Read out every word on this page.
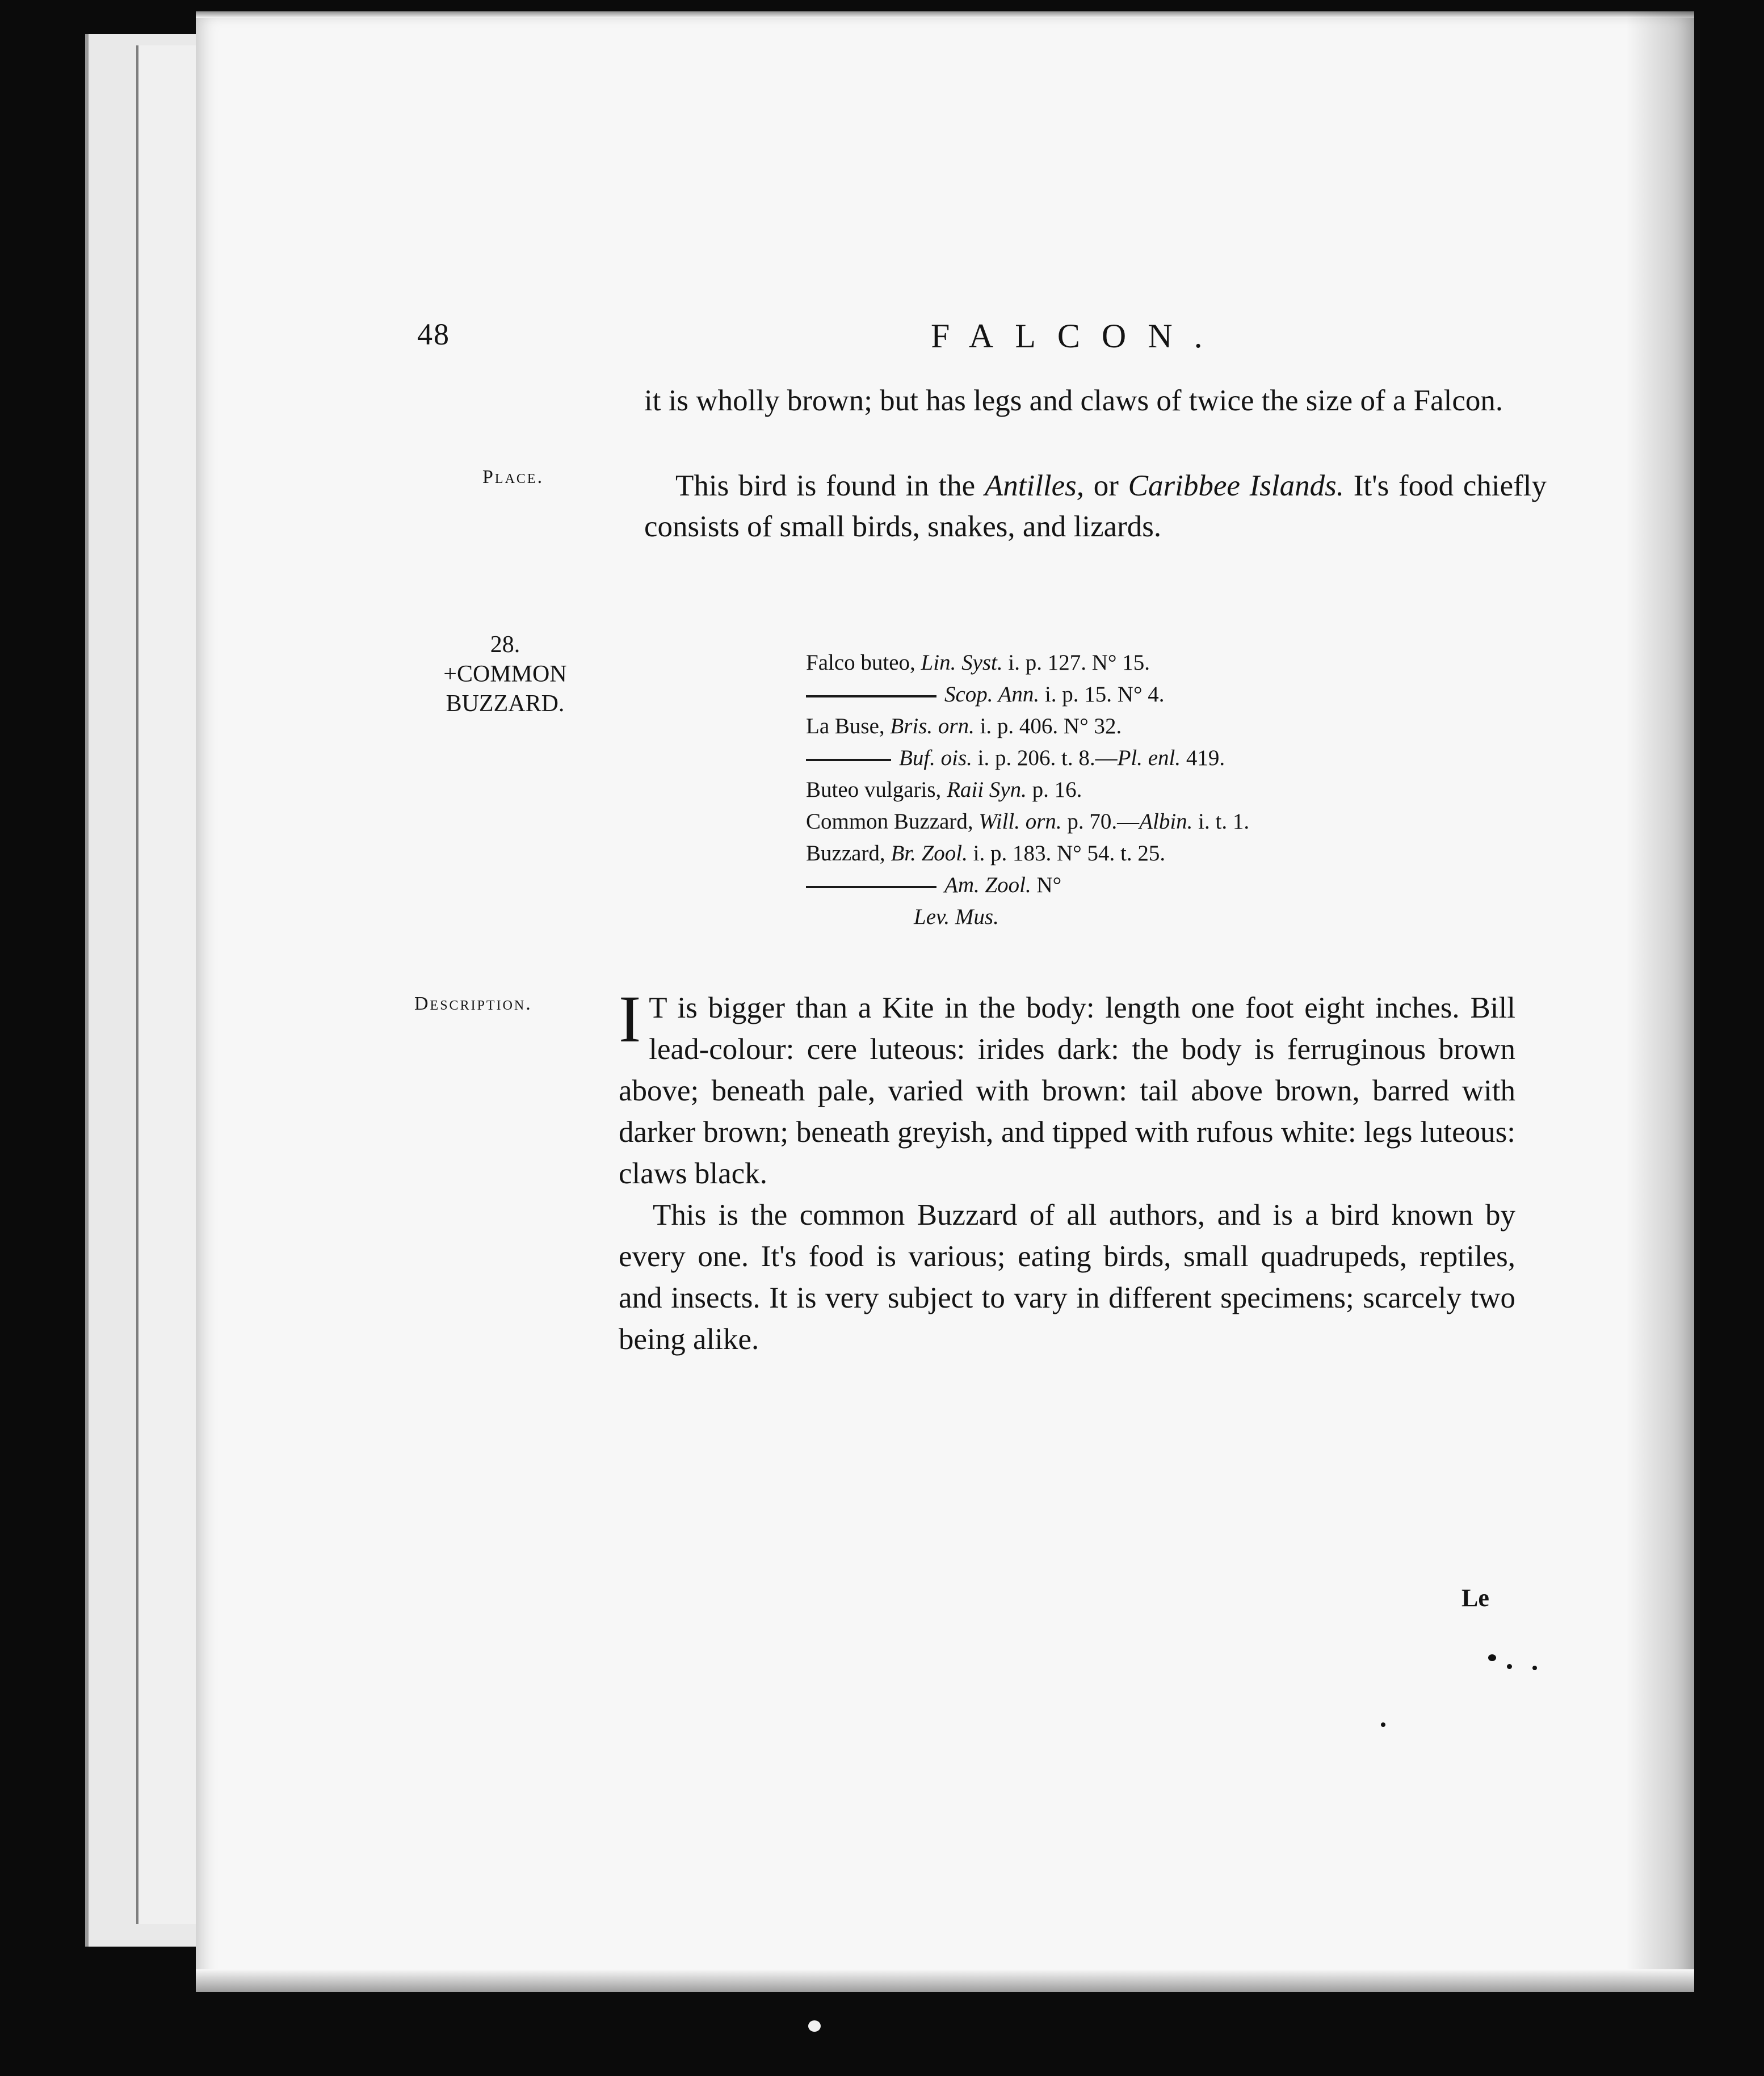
48	FALCON.

it is wholly brown; but has legs and claws of twice the size of a Falcon.

Place.	This bird is found in the Antilles, or Caribbee Islands. It's food chiefly consists of small birds, snakes, and lizards.

28.
+COMMON
BUZZARD.
Falco buteo, Lin. Syst. i. p. 127. N° 15.
Scop. Ann. i. p. 15. N° 4.
La Buse, Bris. orn. i. p. 406. N° 32.
Buf. ois. i. p. 206. t. 8.—Pl. enl. 419.
Buteo vulgaris, Raii Syn. p. 16.
Common Buzzard, Will. orn. p. 70.—Albin. i. t. 1.
Buzzard, Br. Zool. i. p. 183. N° 54. t. 25.
Am. Zool. N°
Lev. Mus.
Description. I T is bigger than a Kite in the body: length one foot eight inches. Bill lead-colour: cere luteous: irides dark: the body is ferruginous brown above; beneath pale, varied with brown: tail above brown, barred with darker brown; beneath greyish, and tipped with rufous white: legs luteous: claws black.

This is the common Buzzard of all authors, and is a bird known by every one. It's food is various; eating birds, small quadrupeds, reptiles, and insects. It is very subject to vary in different specimens; scarcely two being alike.

Le
